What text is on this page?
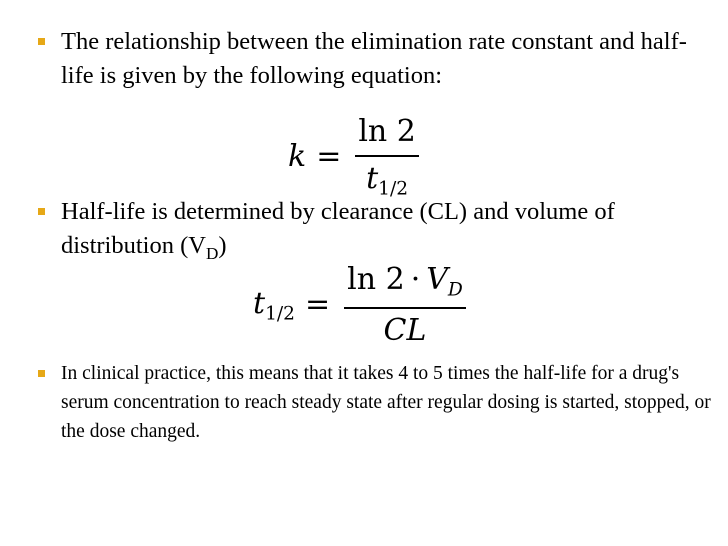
The relationship between the elimination rate constant and half-life is given by the following equation:

$k = \frac{\ln 2}{t_{1/2}}$

Half-life is determined by clearance (CL) and volume of distribution $(V_D)$

$t_{1/2} = \frac{\ln 2 \cdot V_D}{CL}$

In clinical practice, this means that it takes 4 to 5 times the half-life for a drug's serum concentration to reach steady state after regular dosing is started, stopped, or the dose changed.
